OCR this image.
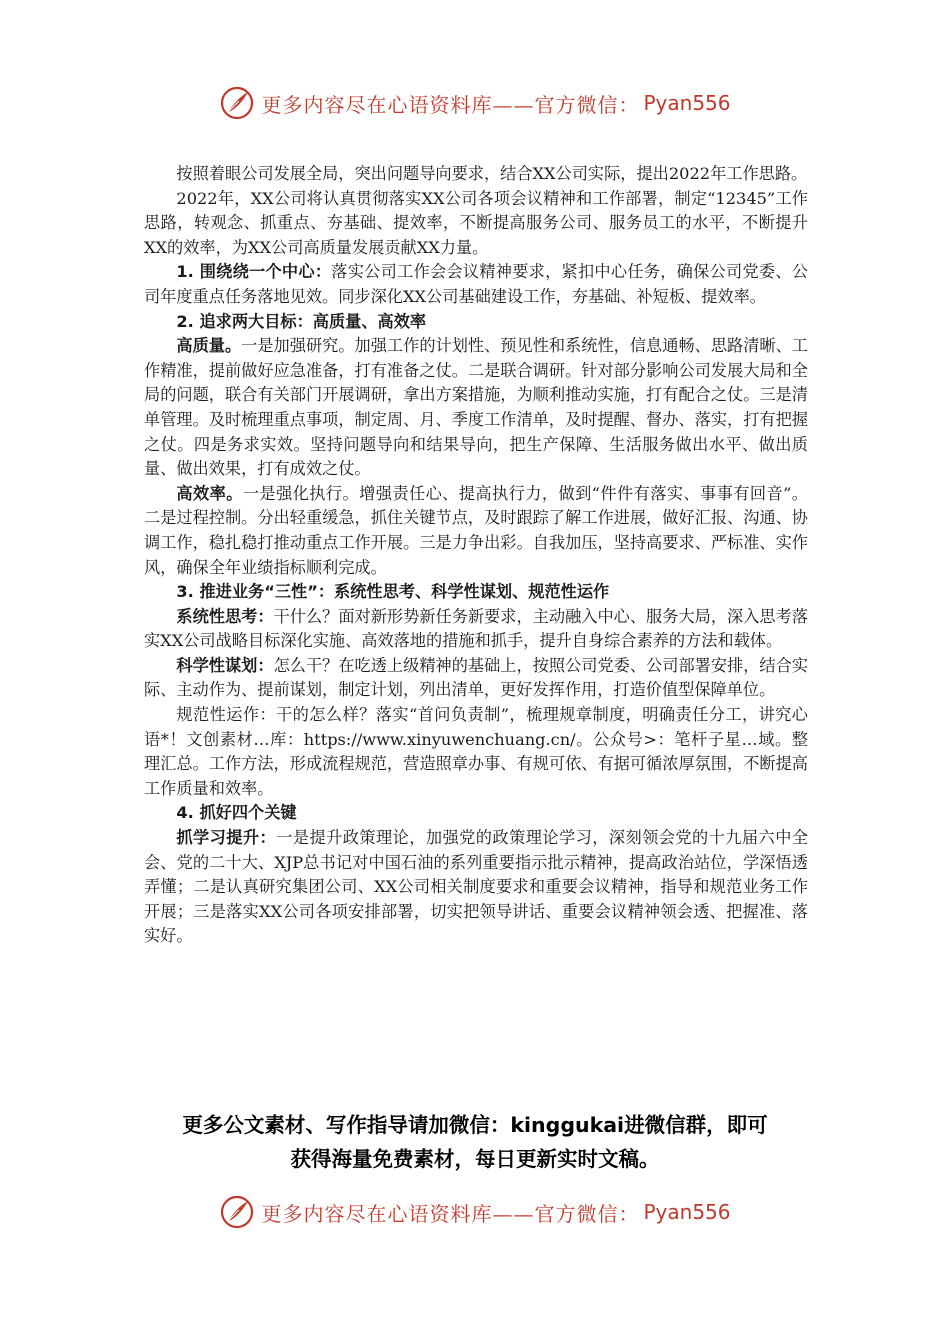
更多内容尽在心语资料库——官方微信： Pyan556

按照着眼公司发展全局，突出问题导向要求，结合XX公司实际，提出2022年工作思路。

2022年，XX公司将认真贯彻落实XX公司各项会议精神和工作部署，制定“12345”工作思路，转观念、抓重点、夯基础、提效率，不断提高服务公司、服务员工的水平，不断提升XX的效率，为XX公司高质量发展贡献XX力量。

1. 围绕绕一个中心：落实公司工作会会议精神要求，紧扣中心任务，确保公司党委、公司年度重点任务落地见效。同步深化XX公司基础建设工作，夯基础、补短板、提效率。

2. 追求两大目标：高质量、高效率

高质量。一是加强研究。加强工作的计划性、预见性和系统性，信息通畅、思路清晰、工作精准，提前做好应急准备，打有准备之仗。二是联合调研。针对部分影响公司发展大局和全局的问题，联合有关部门开展调研，拿出方案措施，为顺利推动实施，打有配合之仗。三是清单管理。及时梳理重点事项，制定周、月、季度工作清单，及时提醒、督办、落实，打有把握之仗。四是务求实效。坚持问题导向和结果导向，把生产保障、生活服务做出水平、做出质量、做出效果，打有成效之仗。

高效率。一是强化执行。增强责任心、提高执行力，做到“件件有落实、事事有回音”。二是过程控制。分出轻重缓急，抓住关键节点，及时跟踪了解工作进展，做好汇报、沟通、协调工作，稳扎稳打推动重点工作开展。三是力争出彩。自我加压，坚持高要求、严标准、实作风，确保全年业绩指标顺利完成。

3. 推进业务“三性”：系统性思考、科学性谋划、规范性运作

系统性思考：干什么？面对新形势新任务新要求，主动融入中心、服务大局，深入思考落实XX公司战略目标深化实施、高效落地的措施和抓手，提升自身综合素养的方法和载体。

科学性谋划：怎么干？在吃透上级精神的基础上，按照公司党委、公司部署安排，结合实际、主动作为、提前谋划，制定计划，列出清单，更好发挥作用，打造价值型保障单位。

规范性运作：干的怎么样？落实“首问负责制”，梳理规章制度，明确责任分工，讲究心语*！文创素材…库：https://www.xinyuwenchuang.cn/。公众号>：笔杆子星…域。整理汇总。工作方法，形成流程规范，营造照章办事、有规可依、有据可循浓厚氛围，不断提高工作质量和效率。

4. 抓好四个关键

抓学习提升：一是提升政策理论，加强党的政策理论学习，深刻领会党的十九届六中全会、党的二十大、XJP总书记对中国石油的系列重要指示批示精神，提高政治站位，学深悟透弄懂；二是认真研究集团公司、XX公司相关制度要求和重要会议精神，指导和规范业务工作开展；三是落实XX公司各项安排部署，切实把领导讲话、重要会议精神领会透、把握准、落实好。

更多公文素材、写作指导请加微信：kinggukai进微信群，即可
获得海量免费素材，每日更新实时文稿。
更多内容尽在心语资料库——官方微信： Pyan556
